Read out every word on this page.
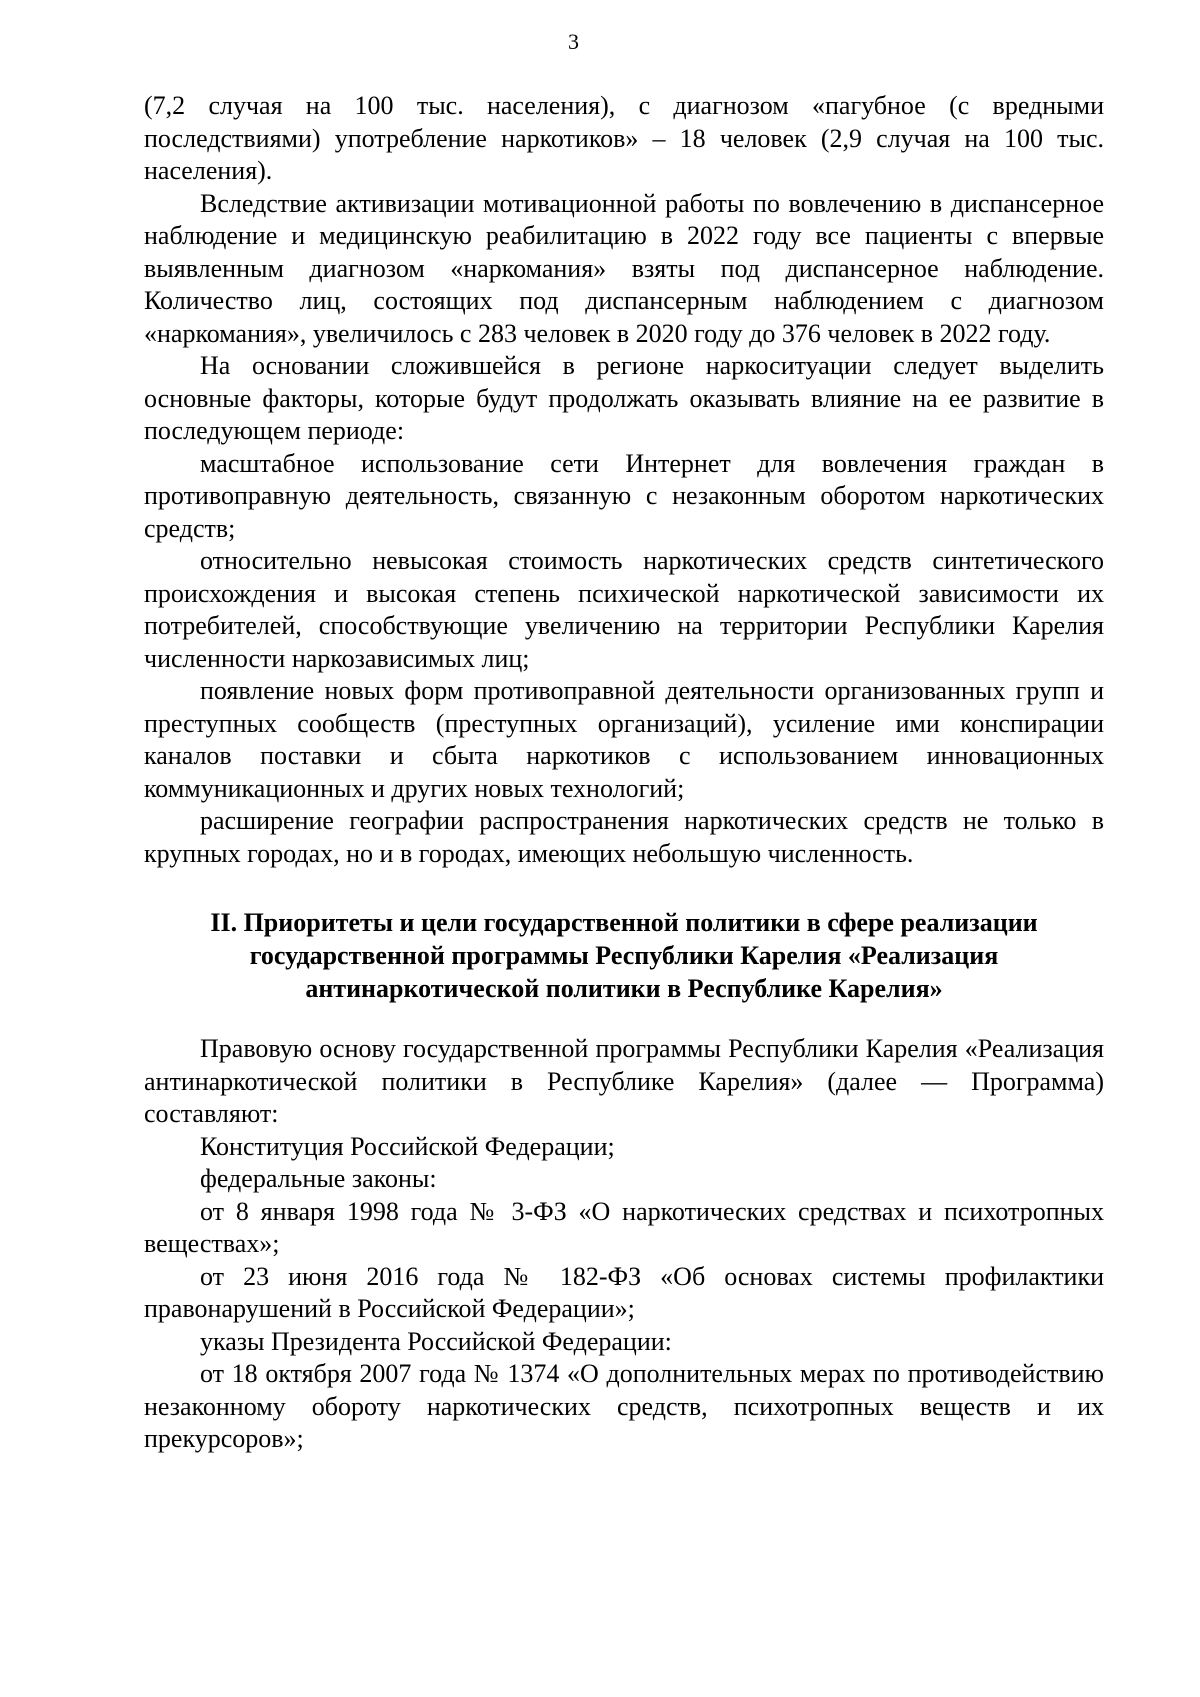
3

(7,2 случая на 100 тыс. населения), с диагнозом «пагубное (с вредными последствиями) употребление наркотиков» – 18 человек (2,9 случая на 100 тыс. населения).

Вследствие активизации мотивационной работы по вовлечению в диспансерное наблюдение и медицинскую реабилитацию в 2022 году все пациенты с впервые выявленным диагнозом «наркомания» взяты под диспансерное наблюдение. Количество лиц, состоящих под диспансерным наблюдением с диагнозом «наркомания», увеличилось с 283 человек в 2020 году до 376 человек в 2022 году.

На основании сложившейся в регионе наркоситуации следует выделить основные факторы, которые будут продолжать оказывать влияние на ее развитие в последующем периоде:

масштабное использование сети Интернет для вовлечения граждан в противоправную деятельность, связанную с незаконным оборотом наркотических средств;

относительно невысокая стоимость наркотических средств синтетического происхождения и высокая степень психической наркотической зависимости их потребителей, способствующие увеличению на территории Республики Карелия численности наркозависимых лиц;

появление новых форм противоправной деятельности организованных групп и преступных сообществ (преступных организаций), усиление ими конспирации каналов поставки и сбыта наркотиков с использованием инновационных коммуникационных и других новых технологий;

расширение географии распространения наркотических средств не только в крупных городах, но и в городах, имеющих небольшую численность.

II. Приоритеты и цели государственной политики в сфере реализации
государственной программы Республики Карелия «Реализация
антинаркотической политики в Республике Карелия»

Правовую основу государственной программы Республики Карелия «Реализация антинаркотической политики в Республике Карелия» (далее — Программа) составляют:

Конституция Российской Федерации;

федеральные законы:

от 8 января 1998 года № 3-ФЗ «О наркотических средствах и психотропных веществах»;

от 23 июня 2016 года № 182-ФЗ «Об основах системы профилактики правонарушений в Российской Федерации»;

указы Президента Российской Федерации:

от 18 октября 2007 года № 1374 «О дополнительных мерах по противодействию незаконному обороту наркотических средств, психотропных веществ и их прекурсоров»;
